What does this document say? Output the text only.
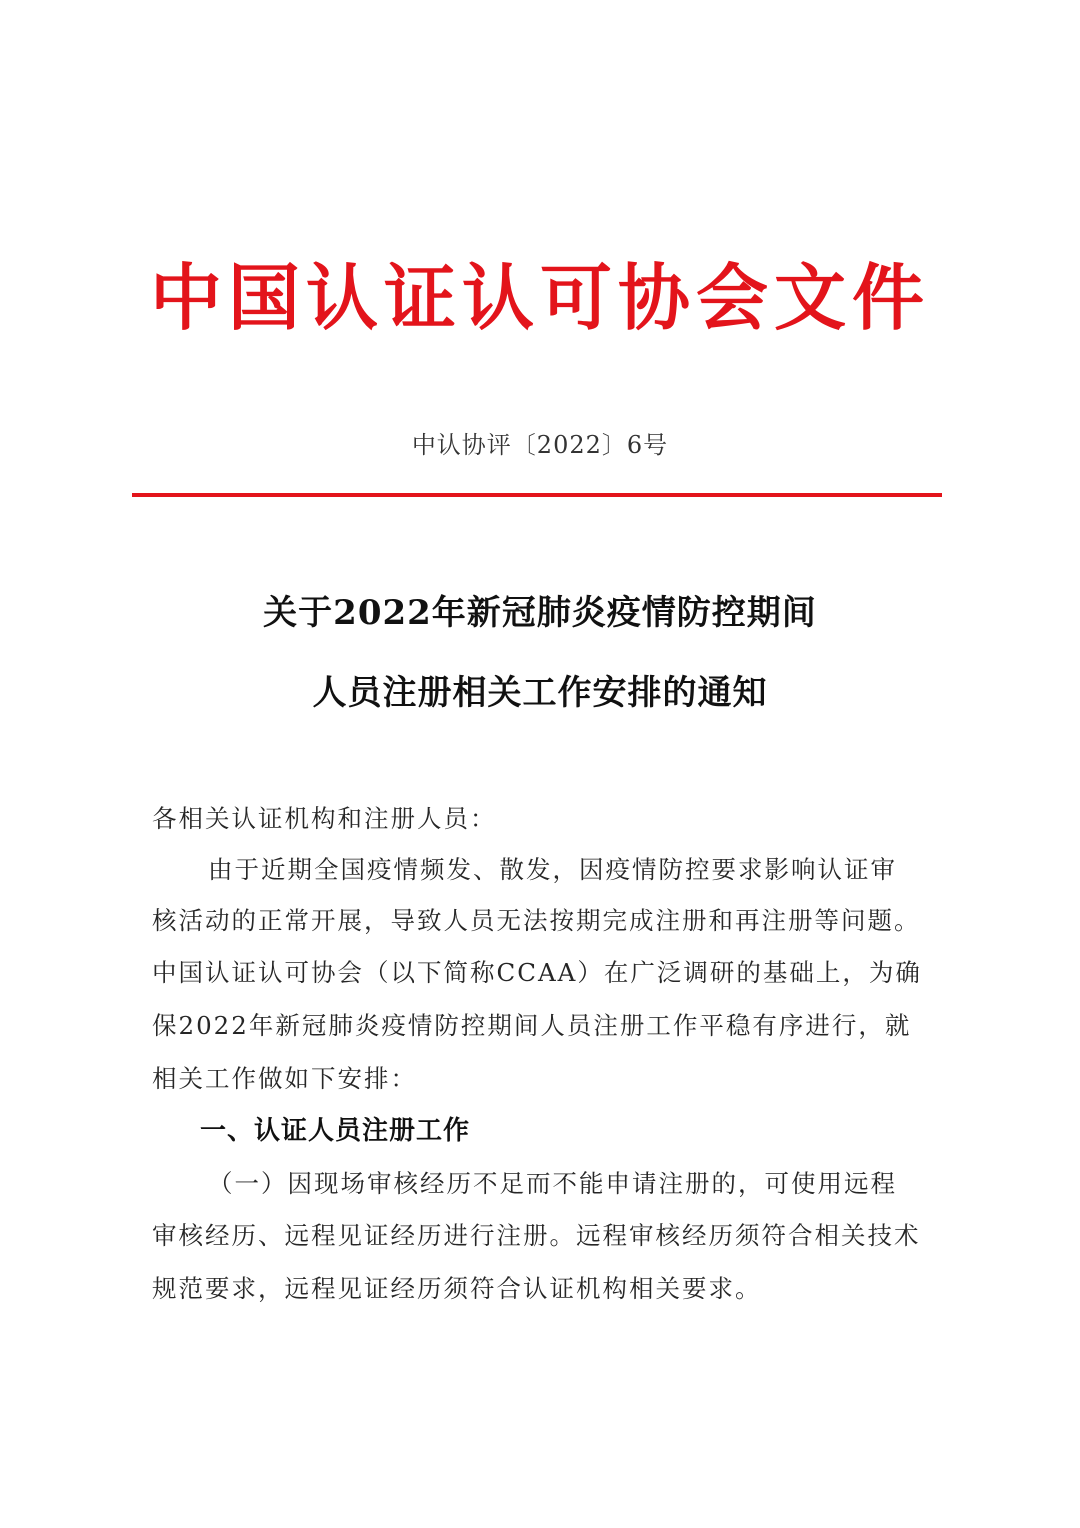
中国认证认可协会文件
中认协评〔2022〕6号
关于2022年新冠肺炎疫情防控期间
人员注册相关工作安排的通知
各相关认证机构和注册人员：
由于近期全国疫情频发、散发，因疫情防控要求影响认证审
核活动的正常开展，导致人员无法按期完成注册和再注册等问题。
中国认证认可协会（以下简称CCAA）在广泛调研的基础上，为确
保2022年新冠肺炎疫情防控期间人员注册工作平稳有序进行，就
相关工作做如下安排：
一、认证人员注册工作
（一）因现场审核经历不足而不能申请注册的，可使用远程
审核经历、远程见证经历进行注册。远程审核经历须符合相关技术
规范要求，远程见证经历须符合认证机构相关要求。
